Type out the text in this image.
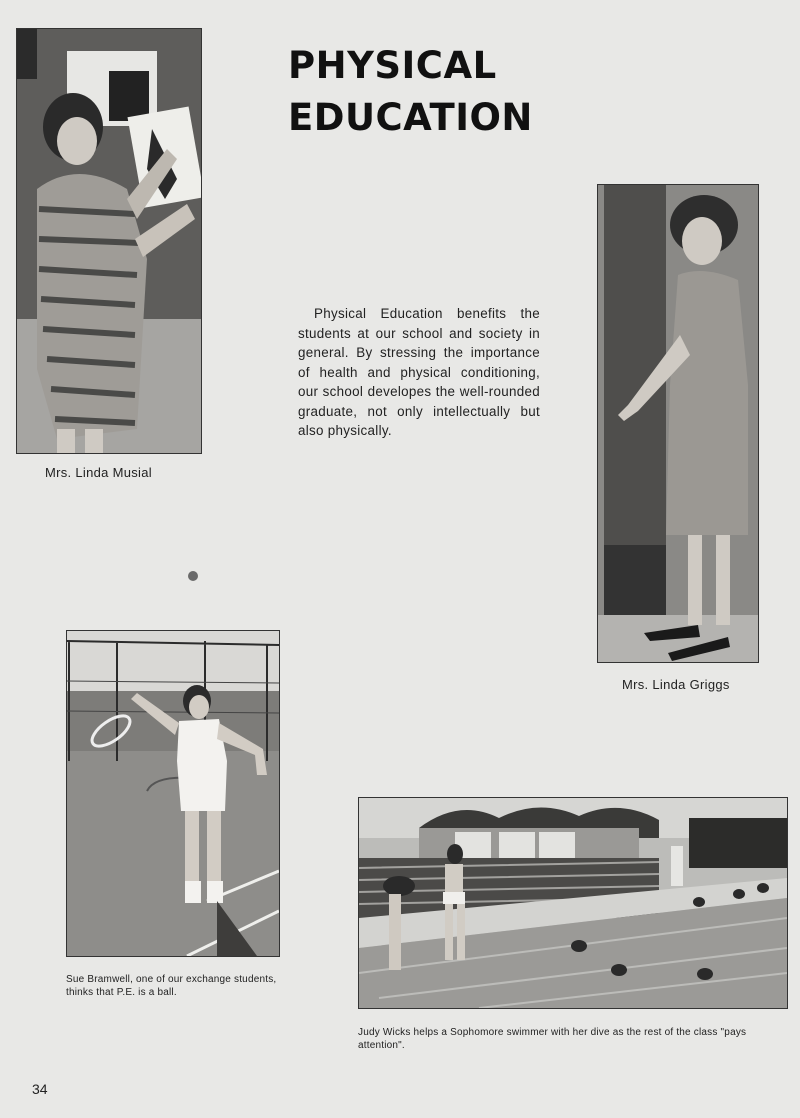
PHYSICAL
EDUCATION
Mrs. Linda Musial

Physical Education benefits the students at our school and society in general. By stressing the importance of health and physical conditioning, our school developes the well-rounded graduate, not only intellectually but also physically.

Mrs. Linda Griggs
Sue Bramwell, one of our exchange students, thinks that P.E. is a ball.
Judy Wicks helps a Sophomore swimmer with her dive as the rest of the class "pays attention".
34
